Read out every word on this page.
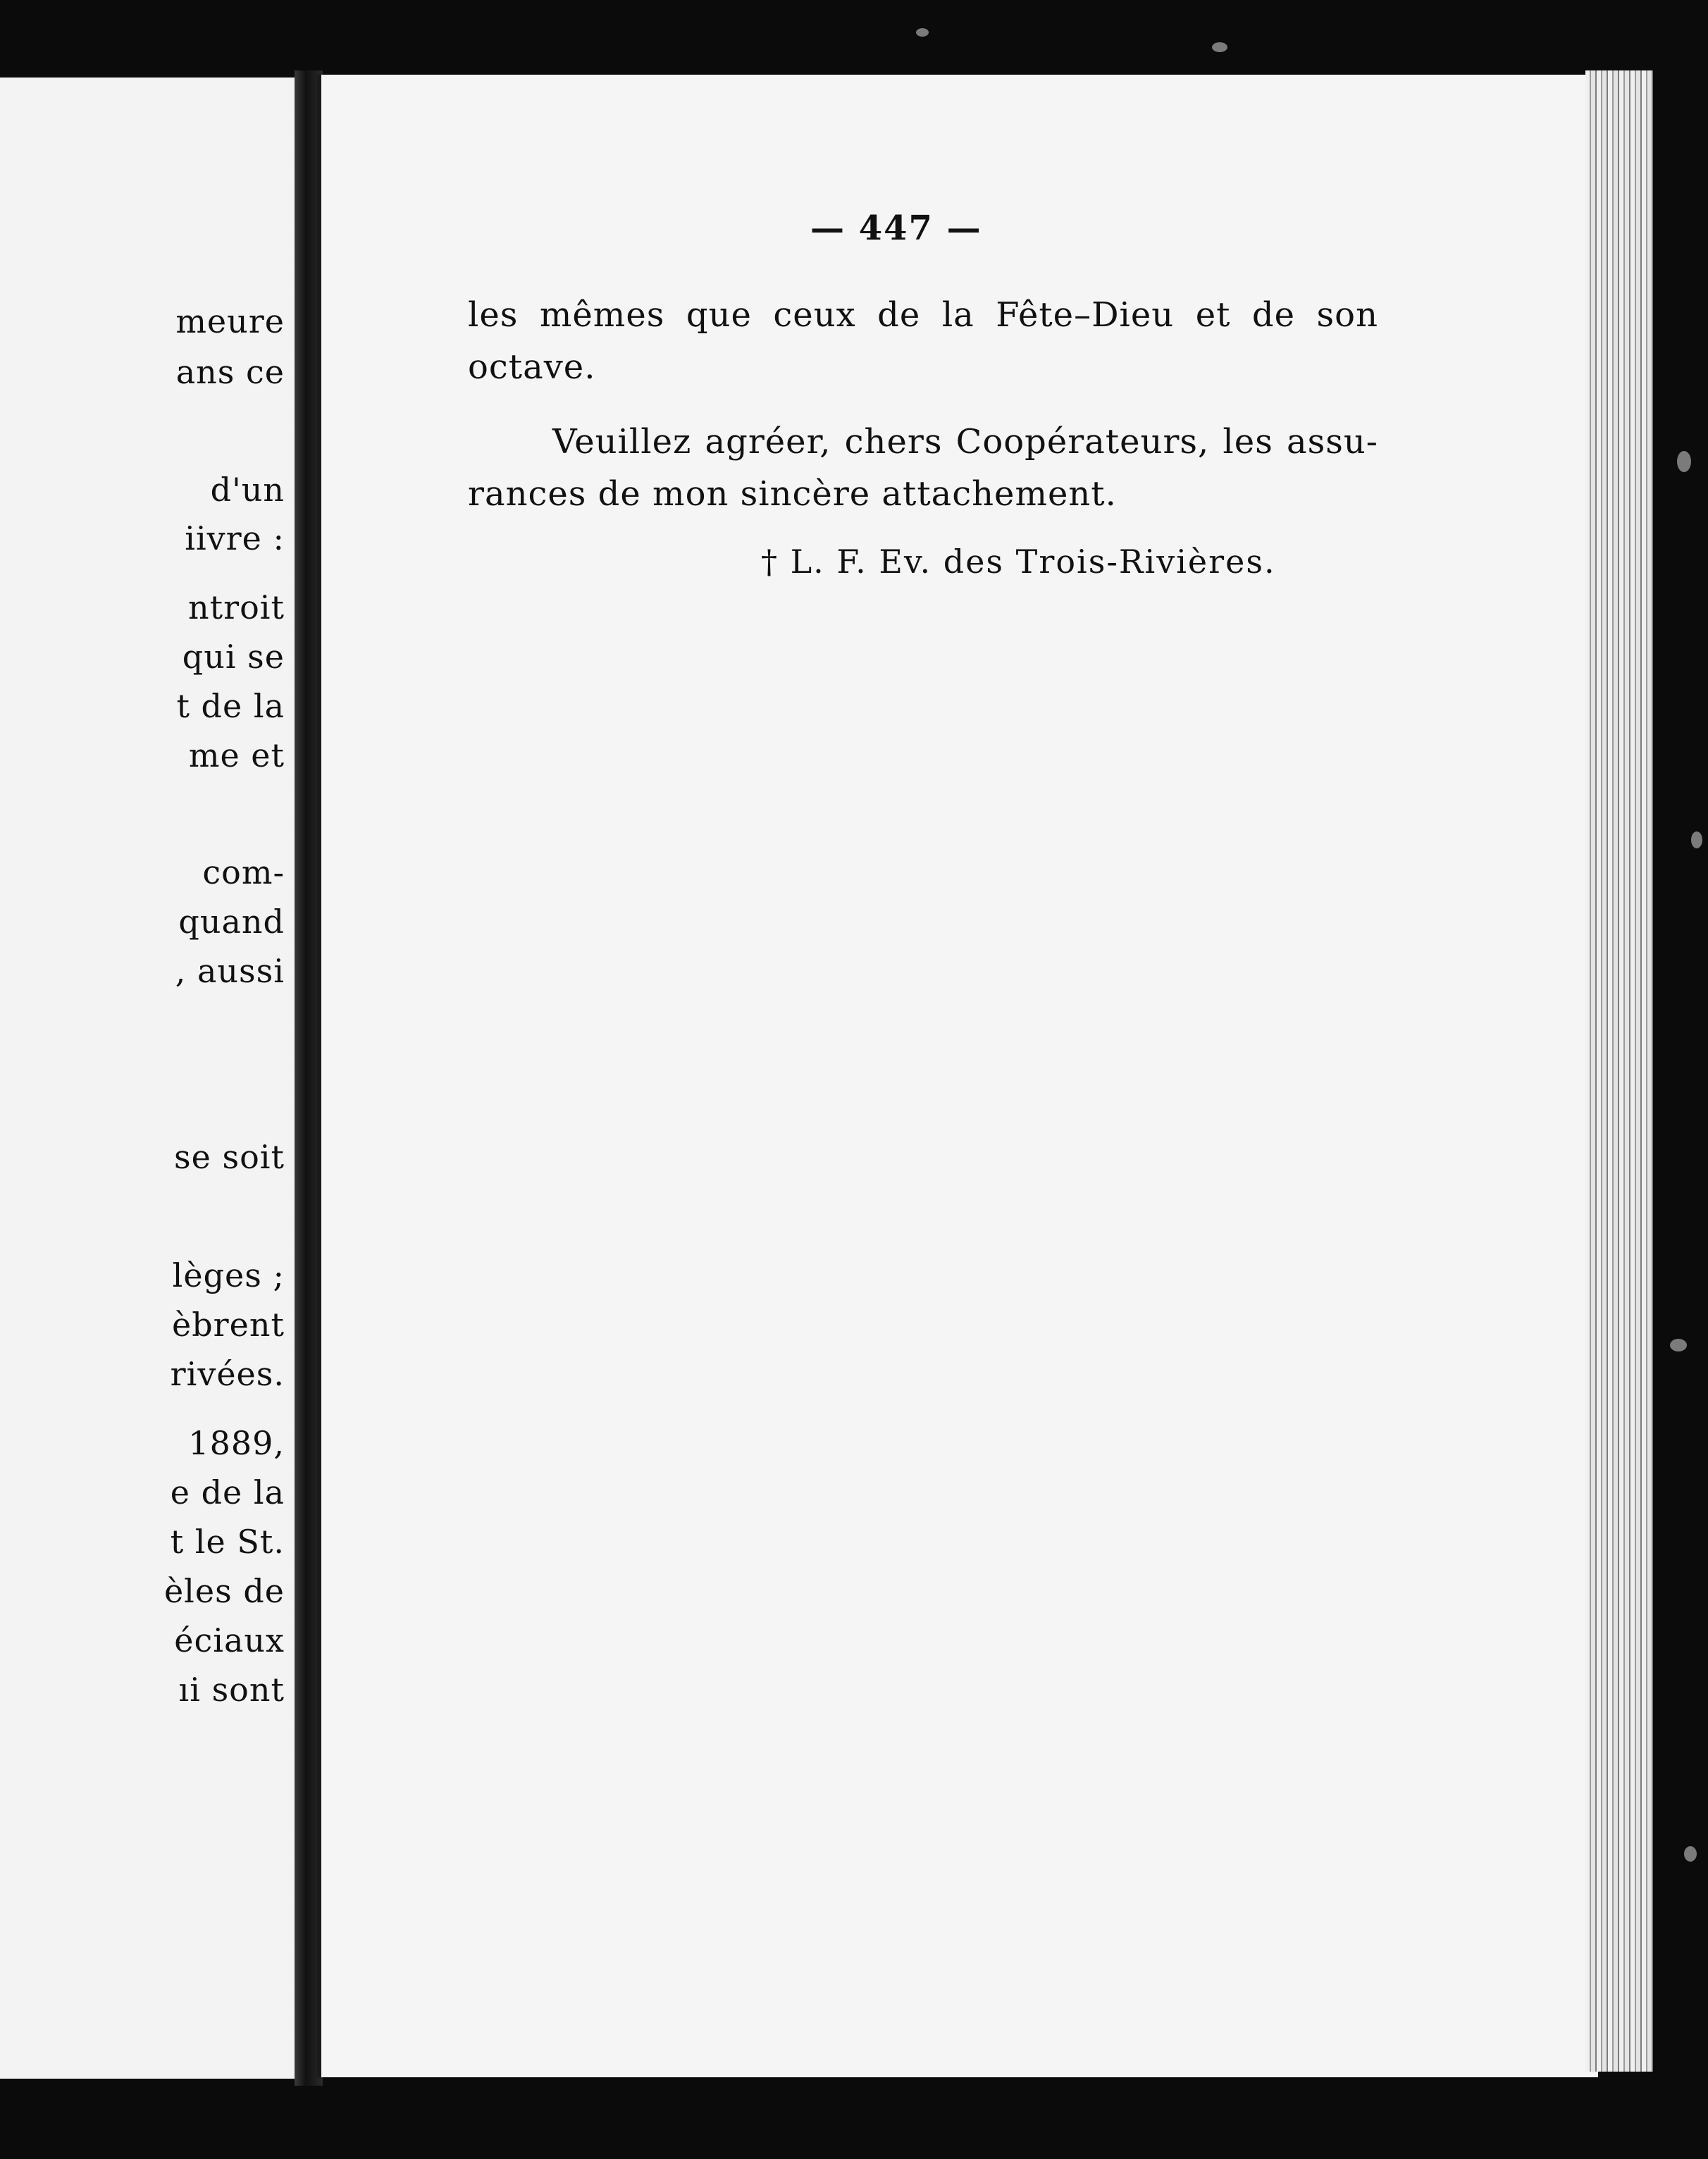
meure

ans ce

d'un

iivre :

ntroit

qui se

t de la

me et

com-

quand

, aussi

se soit

lèges ;

èbrent

rivées.

1889,

e de la

t le St.

èles de

éciaux

ıi sont

— 447 —

les mêmes que ceux de la Fête–Dieu et de son

octave.

Veuillez agréer, chers Coopérateurs, les assu-

rances de mon sincère attachement.

† L. F. Ev. des Trois-Rivières.
